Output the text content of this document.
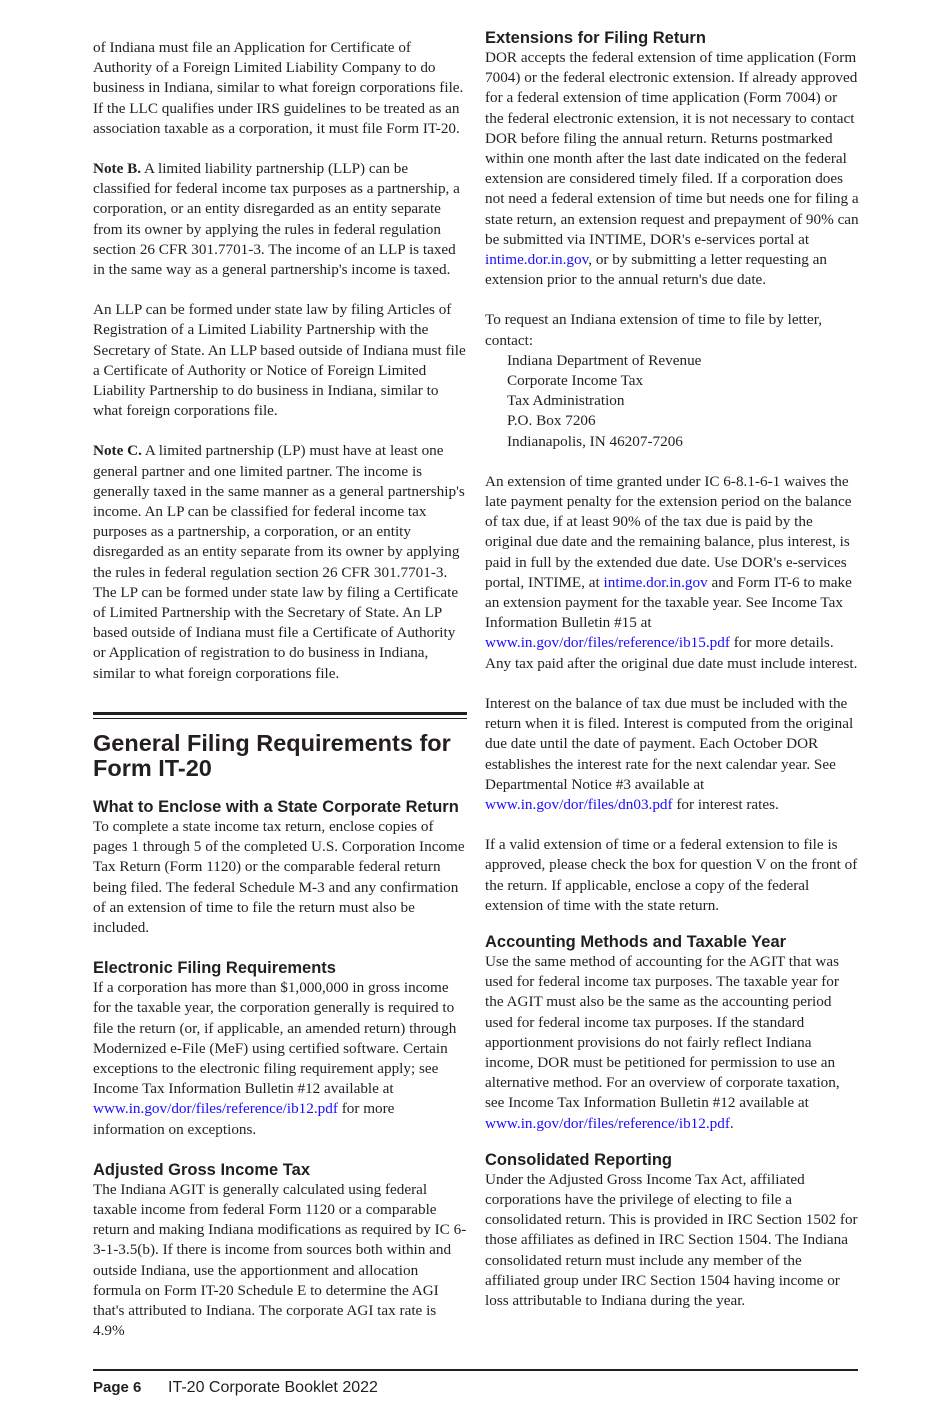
of Indiana must file an Application for Certificate of Authority of a Foreign Limited Liability Company to do business in Indiana, similar to what foreign corporations file. If the LLC qualifies under IRS guidelines to be treated as an association taxable as a corporation, it must file Form IT-20.

Note B. A limited liability partnership (LLP) can be classified for federal income tax purposes as a partnership, a corporation, or an entity disregarded as an entity separate from its owner by applying the rules in federal regulation section 26 CFR 301.7701-3. The income of an LLP is taxed in the same way as a general partnership's income is taxed.

An LLP can be formed under state law by filing Articles of Registration of a Limited Liability Partnership with the Secretary of State. An LLP based outside of Indiana must file a Certificate of Authority or Notice of Foreign Limited Liability Partnership to do business in Indiana, similar to what foreign corporations file.

Note C. A limited partnership (LP) must have at least one general partner and one limited partner. The income is generally taxed in the same manner as a general partnership's income. An LP can be classified for federal income tax purposes as a partnership, a corporation, or an entity disregarded as an entity separate from its owner by applying the rules in federal regulation section 26 CFR 301.7701-3. The LP can be formed under state law by filing a Certificate of Limited Partnership with the Secretary of State. An LP based outside of Indiana must file a Certificate of Authority or Application of registration to do business in Indiana, similar to what foreign corporations file.

General Filing Requirements for Form IT-20
What to Enclose with a State Corporate Return

To complete a state income tax return, enclose copies of pages 1 through 5 of the completed U.S. Corporation Income Tax Return (Form 1120) or the comparable federal return being filed. The federal Schedule M-3 and any confirmation of an extension of time to file the return must also be included.

Electronic Filing Requirements

If a corporation has more than $1,000,000 in gross income for the taxable year, the corporation generally is required to file the return (or, if applicable, an amended return) through Modernized e-File (MeF) using certified software. Certain exceptions to the electronic filing requirement apply; see Income Tax Information Bulletin #12 available at www.in.gov/dor/files/reference/ib12.pdf for more information on exceptions.

Adjusted Gross Income Tax

The Indiana AGIT is generally calculated using federal taxable income from federal Form 1120 or a comparable return and making Indiana modifications as required by IC 6-3-1-3.5(b). If there is income from sources both within and outside Indiana, use the apportionment and allocation formula on Form IT-20 Schedule E to determine the AGI that's attributed to Indiana. The corporate AGI tax rate is 4.9%

Extensions for Filing Return

DOR accepts the federal extension of time application (Form 7004) or the federal electronic extension. If already approved for a federal extension of time application (Form 7004) or the federal electronic extension, it is not necessary to contact DOR before filing the annual return. Returns postmarked within one month after the last date indicated on the federal extension are considered timely filed. If a corporation does not need a federal extension of time but needs one for filing a state return, an extension request and prepayment of 90% can be submitted via INTIME, DOR's e-services portal at intime.dor.in.gov, or by submitting a letter requesting an extension prior to the annual return's due date.

To request an Indiana extension of time to file by letter, contact:

Indiana Department of Revenue
Corporate Income Tax
Tax Administration
P.O. Box 7206
Indianapolis, IN 46207-7206

An extension of time granted under IC 6-8.1-6-1 waives the late payment penalty for the extension period on the balance of tax due, if at least 90% of the tax due is paid by the original due date and the remaining balance, plus interest, is paid in full by the extended due date. Use DOR's e-services portal, INTIME, at intime.dor.in.gov and Form IT-6 to make an extension payment for the taxable year. See Income Tax Information Bulletin #15 at www.in.gov/dor/files/reference/ib15.pdf for more details. Any tax paid after the original due date must include interest.

Interest on the balance of tax due must be included with the return when it is filed. Interest is computed from the original due date until the date of payment. Each October DOR establishes the interest rate for the next calendar year. See Departmental Notice #3 available at www.in.gov/dor/files/dn03.pdf for interest rates.

If a valid extension of time or a federal extension to file is approved, please check the box for question V on the front of the return. If applicable, enclose a copy of the federal extension of time with the state return.

Accounting Methods and Taxable Year

Use the same method of accounting for the AGIT that was used for federal income tax purposes. The taxable year for the AGIT must also be the same as the accounting period used for federal income tax purposes. If the standard apportionment provisions do not fairly reflect Indiana income, DOR must be petitioned for permission to use an alternative method. For an overview of corporate taxation, see Income Tax Information Bulletin #12 available at www.in.gov/dor/files/reference/ib12.pdf.

Consolidated Reporting

Under the Adjusted Gross Income Tax Act, affiliated corporations have the privilege of electing to file a consolidated return. This is provided in IRC Section 1502 for those affiliates as defined in IRC Section 1504. The Indiana consolidated return must include any member of the affiliated group under IRC Section 1504 having income or loss attributable to Indiana during the year.

Page 6	IT-20 Corporate Booklet 2022
